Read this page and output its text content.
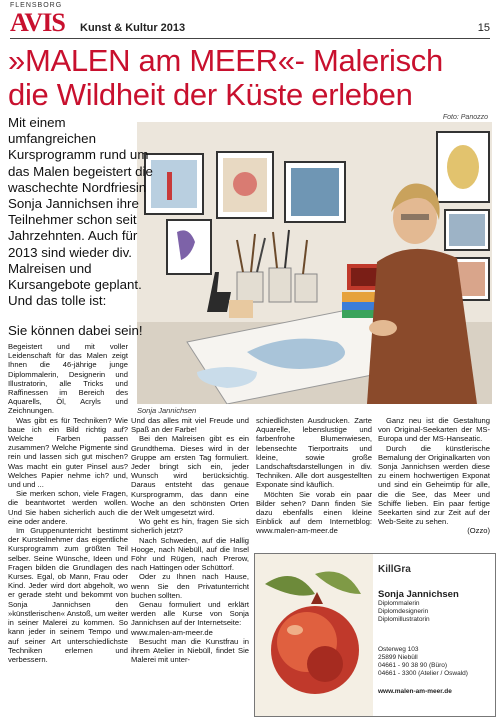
FLENSBORG
AVIS Kunst & Kultur 2013	15
»MALEN am MEER«- Malerisch
die Wildheit der Küste erleben
Foto: Panozzo
Sonja Jannichsen

Mit einem umfangreichen Kursprogramm rund um das Malen begeistert die waschechte Nordfriesin Sonja Jannichsen ihre Teilnehmer schon seit Jahrzehnten. Auch für 2013 sind wieder div. Malreisen und Kursangebote geplant. Und das tolle ist:

Sie können dabei sein!

Begeistert und mit voller Leidenschaft für das Malen zeigt Ihnen die 46-jährige junge Diplommalerin, Designerin und Illustratorin, alle Tricks und Raffinessen im Bereich des Aquarells, Öl, Acryls und Zeichnungen.

Was gibt es für Techniken? Wie baue ich ein Bild richtig auf? Welche Farben passen zusammen? Welche Pigmente sind rein und lassen sich gut mischen? Was macht ein guter Pinsel aus? Welches Papier nehme ich? und, und und ...

Sie merken schon, viele Fragen, die beantwortet werden wollen. Und Sie haben sicherlich auch die eine oder andere.

Im Gruppenunterricht bestimmt der Kursteilnehmer das eigentliche Kursprogramm zum größten Teil selber. Seine Wünsche, Ideen und Fragen bilden die Grundlagen des Kurses. Egal, ob Mann, Frau oder Kind. Jeder wird dort abgeholt, wo er gerade steht und bekommt von Sonja Jannichsen den »künstlerischen« Anstoß, um weiter in seiner Malerei zu kommen. So kann jeder in seinem Tempo und auf seiner Art unterschiedlichste Techniken erlernen und verbessern.

Und das alles mit viel Freude und Spaß an der Farbe!

Bei den Malreisen gibt es ein Grundthema. Dieses wird in der Gruppe am ersten Tag formuliert. Jeder bringt sich ein, jeder Wunsch wird berücksichtig. Daraus entsteht das genaue Kursprogramm, das dann eine Woche an den schönsten Orten der Welt umgesetzt wird.

Wo geht es hin, fragen Sie sich sicherlich jetzt?

Nach Schweden, auf die Hallig Hooge, nach Niebüll, auf die Insel Föhr und Rügen, nach Prerow, nach Hattingen oder Schüttorf.

Oder zu Ihnen nach Hause, wenn Sie den Privatunterricht buchen sollten.

Genau formuliert und erklärt werden alle Kurse von Sonja Jannichsen auf der Internetseite:

www.malen-am-meer.de

Besucht man die Kunstfrau in ihrem Atelier in Niebüll, findet Sie Malerei mit unter-

schiedlichsten Ausdrucken. Zarte Aquarelle, lebenslustige und farbenfrohe Blumenwiesen, lebensechte Tierportraits und kleine, sowie große Landschaftsdarstellungen in div. Techniken. Alle dort ausgestellten Exponate sind käuflich.

Möchten Sie vorab ein paar Bilder sehen? Dann finden Sie dazu ebenfalls einen kleine Einblick auf dem Internetblog: www.malen-am-meer.de

Ganz neu ist die Gestaltung von Original-Seekarten der MS-Europa und der MS-Hanseatic.

Durch die künstlerische Bemalung der Originalkarten von Sonja Jannichsen werden diese zu einem hochwertigen Exponat und sind ein Geheimtip für alle, die die See, das Meer und Schiffe lieben. Ein paar fertige Seekarten sind zur Zeit auf der Web-Seite zu sehen.

(Ozzo)

KillGra
Sonja Jannichsen
Diplommalerin
Diplomdesignerin
Diplomillustratorin
Osterweg 103
25899 Niebüll
04661 - 90 38 90 (Büro)
04661 - 3300 (Atelier / Oswald)
www.malen-am-meer.de
